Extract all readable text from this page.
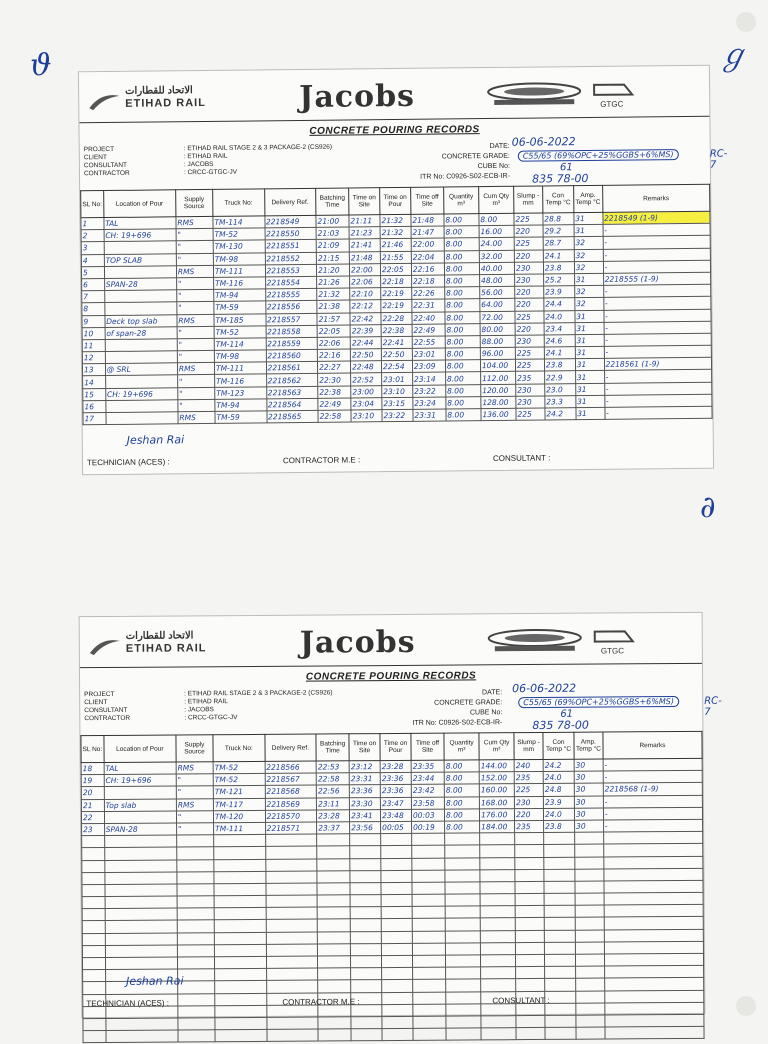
ϑ	ℊ
∂
الاتحاد للقطارات
ETIHAD RAIL	Jacobs	GTGC
CONCRETE POURING RECORDS
PROJECT	: ETIHAD RAIL STAGE 2 & 3 PACKAGE-2 (CS926)
CLIENT	: ETIHAD RAIL
CONSULTANT	: JACOBS
CONTRACTOR	: CRCC-GTGC-JV
DATE:
CONCRETE GRADE:
CUBE No:
ITR No: C0926-S02-ECB-IR-
06-06-2022
C55/65 (69%OPC+25%GGBS+6%MS)	RC-7
61
835 78-00
SL No:	Location of Pour	Supply Source	Truck No:	Delivery Ref.	Batching Time	Time on Site	Time on Pour	Time off Site	Quantity m³	Cum Qty m³	Slump -mm	Con Temp °C	Amp. Temp °C	Remarks
1	TAL	RMS	TM-114	2218549	21:00	21:11	21:32	21:48	8.00	8.00	225	28.8	31	2218549 (1-9)
2	CH: 19+696	"	TM-52	2218550	21:03	21:23	21:32	21:47	8.00	16.00	220	29.2	31	-
3		"	TM-130	2218551	21:09	21:41	21:46	22:00	8.00	24.00	225	28.7	32	-
4	TOP SLAB	"	TM-98	2218552	21:15	21:48	21:55	22:04	8.00	32.00	220	24.1	32	-
5		RMS	TM-111	2218553	21:20	22:00	22:05	22:16	8.00	40.00	230	23.8	32	-
6	SPAN-28	"	TM-116	2218554	21:26	22:06	22:18	22:18	8.00	48.00	230	25.2	31	2218555 (1-9)
7		"	TM-94	2218555	21:32	22:10	22:19	22:26	8.00	56.00	220	23.9	32	-
8		"	TM-59	2218556	21:38	22:12	22:19	22:31	8.00	64.00	220	24.4	32	-
9	Deck top slab	RMS	TM-185	2218557	21:57	22:42	22:28	22:40	8.00	72.00	225	24.0	31	-
10	of span-28	"	TM-52	2218558	22:05	22:39	22:38	22:49	8.00	80.00	220	23.4	31	-
11		"	TM-114	2218559	22:06	22:44	22:41	22:55	8.00	88.00	230	24.6	31	-
12		"	TM-98	2218560	22:16	22:50	22:50	23:01	8.00	96.00	225	24.1	31	-
13	@ SRL	RMS	TM-111	2218561	22:27	22:48	22:54	23:09	8.00	104.00	225	23.8	31	2218561 (1-9)
14		"	TM-116	2218562	22:30	22:52	23:01	23:14	8.00	112.00	235	22.9	31	-
15	CH: 19+696	"	TM-123	2218563	22:38	23:00	23:10	23:22	8.00	120.00	230	23.0	31	-
16		"	TM-94	2218564	22:49	23:04	23:15	23:24	8.00	128.00	230	23.3	31	-
17		RMS	TM-59	2218565	22:58	23:10	23:22	23:31	8.00	136.00	225	24.2	31	-
Jeshan Rai
TECHNICIAN (ACES) :	CONTRACTOR M.E :	CONSULTANT :
الاتحاد للقطارات
ETIHAD RAIL	Jacobs	GTGC
CONCRETE POURING RECORDS
PROJECT	: ETIHAD RAIL STAGE 2 & 3 PACKAGE-2 (CS926)
CLIENT	: ETIHAD RAIL
CONSULTANT	: JACOBS
CONTRACTOR	: CRCC-GTGC-JV
DATE:
CONCRETE GRADE:
CUBE No:
ITR No: C0926-S02-ECB-IR-
06-06-2022
C55/65 (69%OPC+25%GGBS+6%MS)	RC-7
61
835 78-00
SL No:	Location of Pour	Supply Source	Truck No:	Delivery Ref.	Batching Time	Time on Site	Time on Pour	Time off Site	Quantity m³	Cum Qty m³	Slump -mm	Con Temp °C	Amp. Temp °C	Remarks
18	TAL	RMS	TM-52	2218566	22:53	23:12	23:28	23:35	8.00	144.00	240	24.2	30	-
19	CH: 19+696	"	TM-52	2218567	22:58	23:31	23:36	23:44	8.00	152.00	235	24.0	30	-
20		"	TM-121	2218568	22:56	23:36	23:36	23:42	8.00	160.00	225	24.8	30	2218568 (1-9)
21	Top slab	RMS	TM-117	2218569	23:11	23:30	23:47	23:58	8.00	168.00	230	23.9	30	-
22		"	TM-120	2218570	23:28	23:41	23:48	00:03	8.00	176.00	220	24.0	30	-
23	SPAN-28	"	TM-111	2218571	23:37	23:56	00:05	00:19	8.00	184.00	235	23.8	30	-

Jeshan Rai
TECHNICIAN (ACES) :	CONTRACTOR M.E :	CONSULTANT :
